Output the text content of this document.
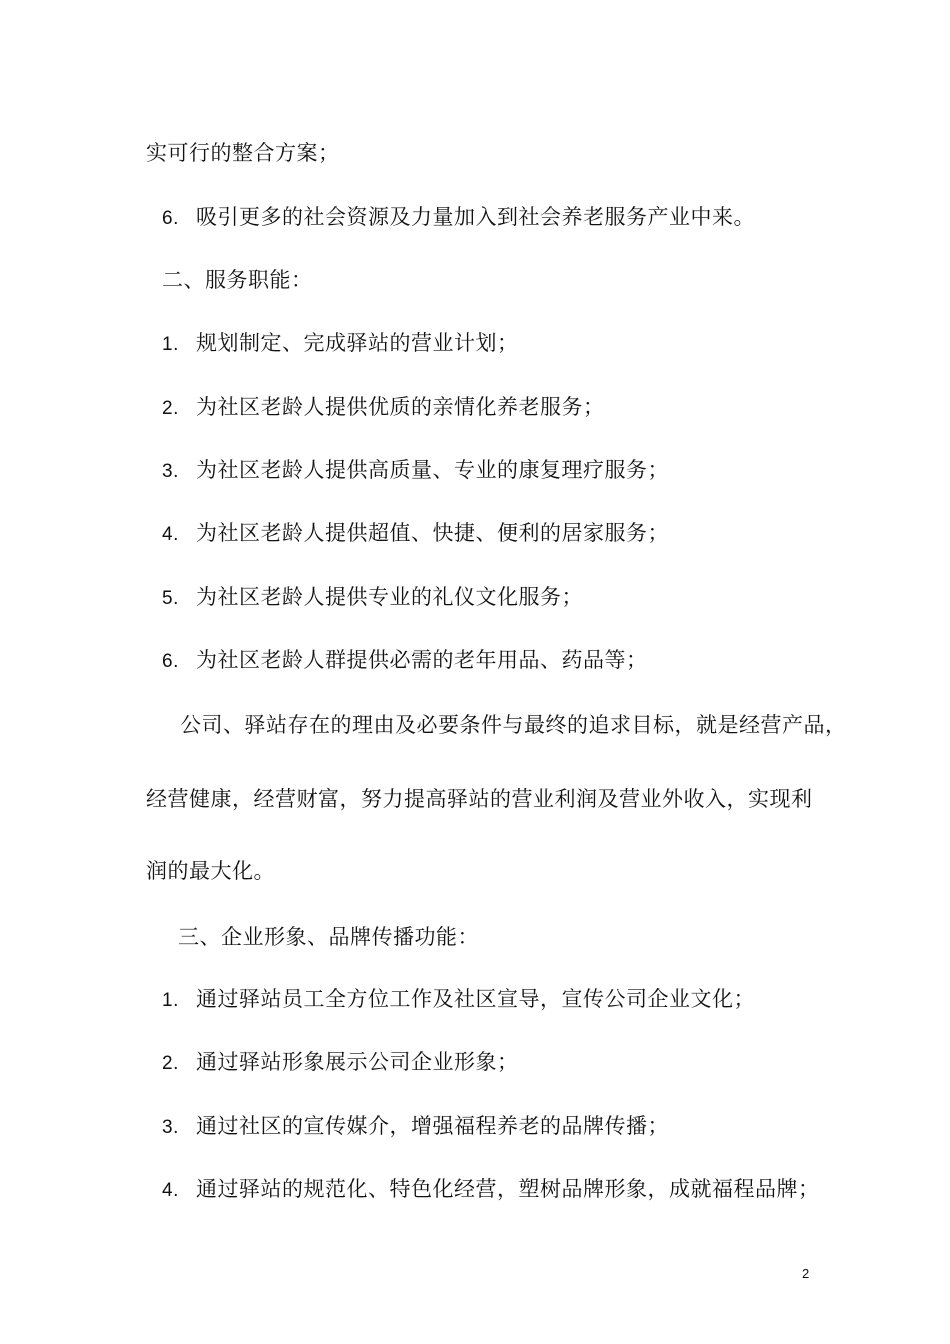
实可行的整合方案；
6. 吸引更多的社会资源及力量加入到社会养老服务产业中来。
二、服务职能：
1. 规划制定、完成驿站的营业计划；
2. 为社区老龄人提供优质的亲情化养老服务；
3. 为社区老龄人提供高质量、专业的康复理疗服务；
4. 为社区老龄人提供超值、快捷、便利的居家服务；
5. 为社区老龄人提供专业的礼仪文化服务；
6. 为社区老龄人群提供必需的老年用品、药品等；
公司、驿站存在的理由及必要条件与最终的追求目标，就是经营产品，
经营健康，经营财富，努力提高驿站的营业利润及营业外收入，实现利
润的最大化。
三、企业形象、品牌传播功能：
1. 通过驿站员工全方位工作及社区宣导，宣传公司企业文化；
2. 通过驿站形象展示公司企业形象；
3. 通过社区的宣传媒介，增强福程养老的品牌传播；
4. 通过驿站的规范化、特色化经营，塑树品牌形象，成就福程品牌；
2
